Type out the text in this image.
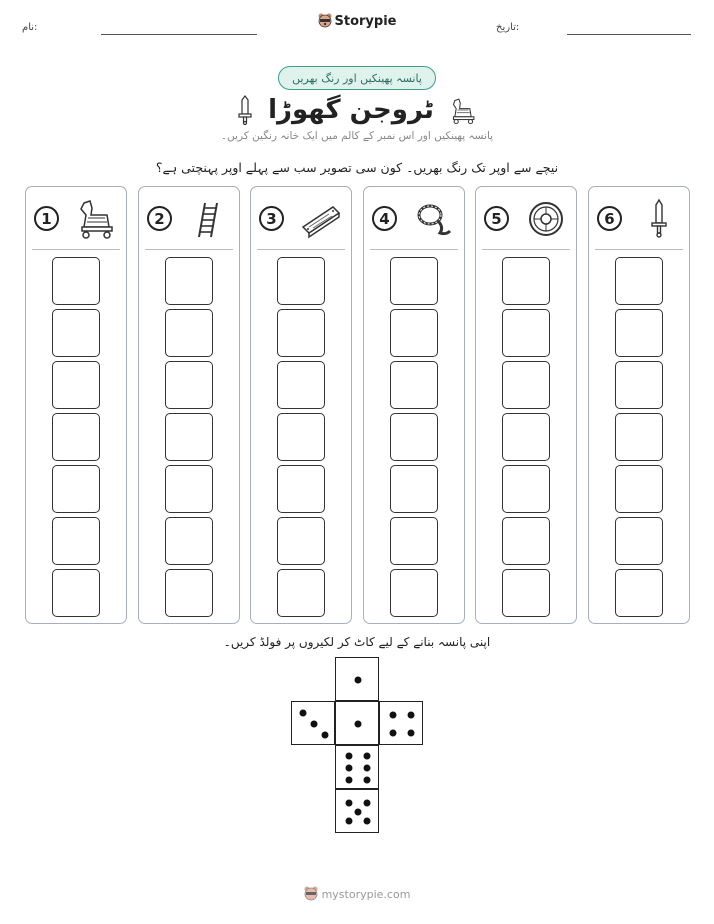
نام:	تاریخ:
Storypie
پانسہ پھینکیں اور رنگ بھریں
ٹروجن گھوڑا
پانسہ پھینکیں اور اس نمبر کے کالم میں ایک خانہ رنگین کریں۔
نیچے سے اوپر تک رنگ بھریں۔ کون سی تصویر سب سے پہلے اوپر پہنچتی ہے؟
1	2	3	4	5	6
اپنی پانسہ بنانے کے لیے کاٹ کر لکیروں پر فولڈ کریں۔
mystorypie.com
